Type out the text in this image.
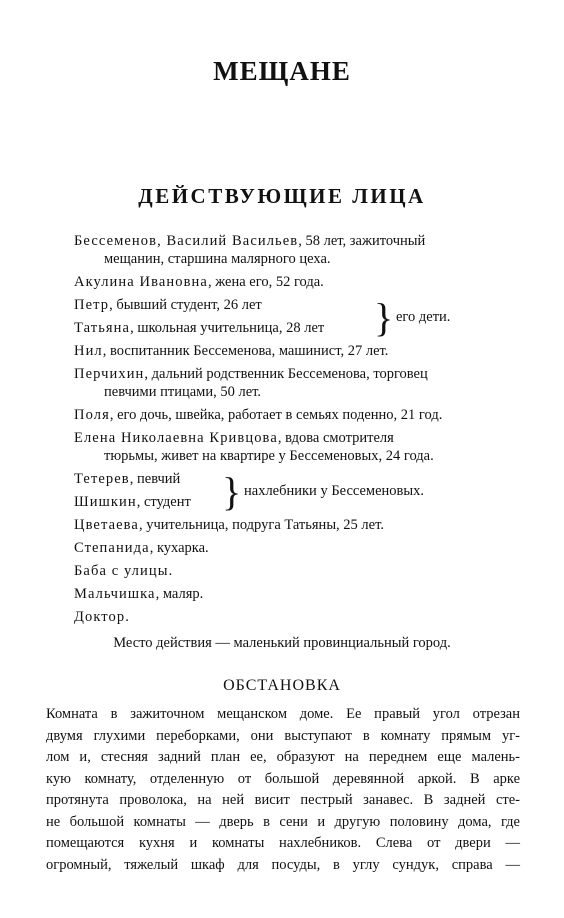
МЕЩАНЕ
ДЕЙСТВУЮЩИЕ ЛИЦА
Бессеменов, Василий Васильев, 58 лет, зажиточный
мещанин, старшина малярного цеха.
Акулина Ивановна, жена его, 52 года.
Петр, бывший студент, 26 лет
Татьяна, школьная учительница, 28 лет	} его дети.
Нил, воспитанник Бессеменова, машинист, 27 лет.
Перчихин, дальний родственник Бессеменова, торговец
певчими птицами, 50 лет.
Поля, его дочь, швейка, работает в семьях поденно, 21 год.
Елена Николаевна Кривцова, вдова смотрителя
тюрьмы, живет на квартире у Бессеменовых, 24 года.
Тетерев, певчий
Шишкин, студент } нахлебники у Бессеменовых.
Цветаева, учительница, подруга Татьяны, 25 лет.
Степанида, кухарка.
Баба с улицы.
Мальчишка, маляр.
Доктор.

Место действия — маленький провинциальный город.

ОБСТАНОВКА

Комната в зажиточном мещанском доме. Ее правый угол отрезан
двумя глухими переборками, они выступают в комнату прямым уг-
лом и, стесняя задний план ее, образуют на переднем еще малень-
кую комнату, отделенную от большой деревянной аркой. В арке
протянута проволока, на ней висит пестрый занавес. В задней сте-
не большой комнаты — дверь в сени и другую половину дома, где
помещаются кухня и комнаты нахлебников. Слева от двери —
огромный, тяжелый шкаф для посуды, в углу сундук, справа —
